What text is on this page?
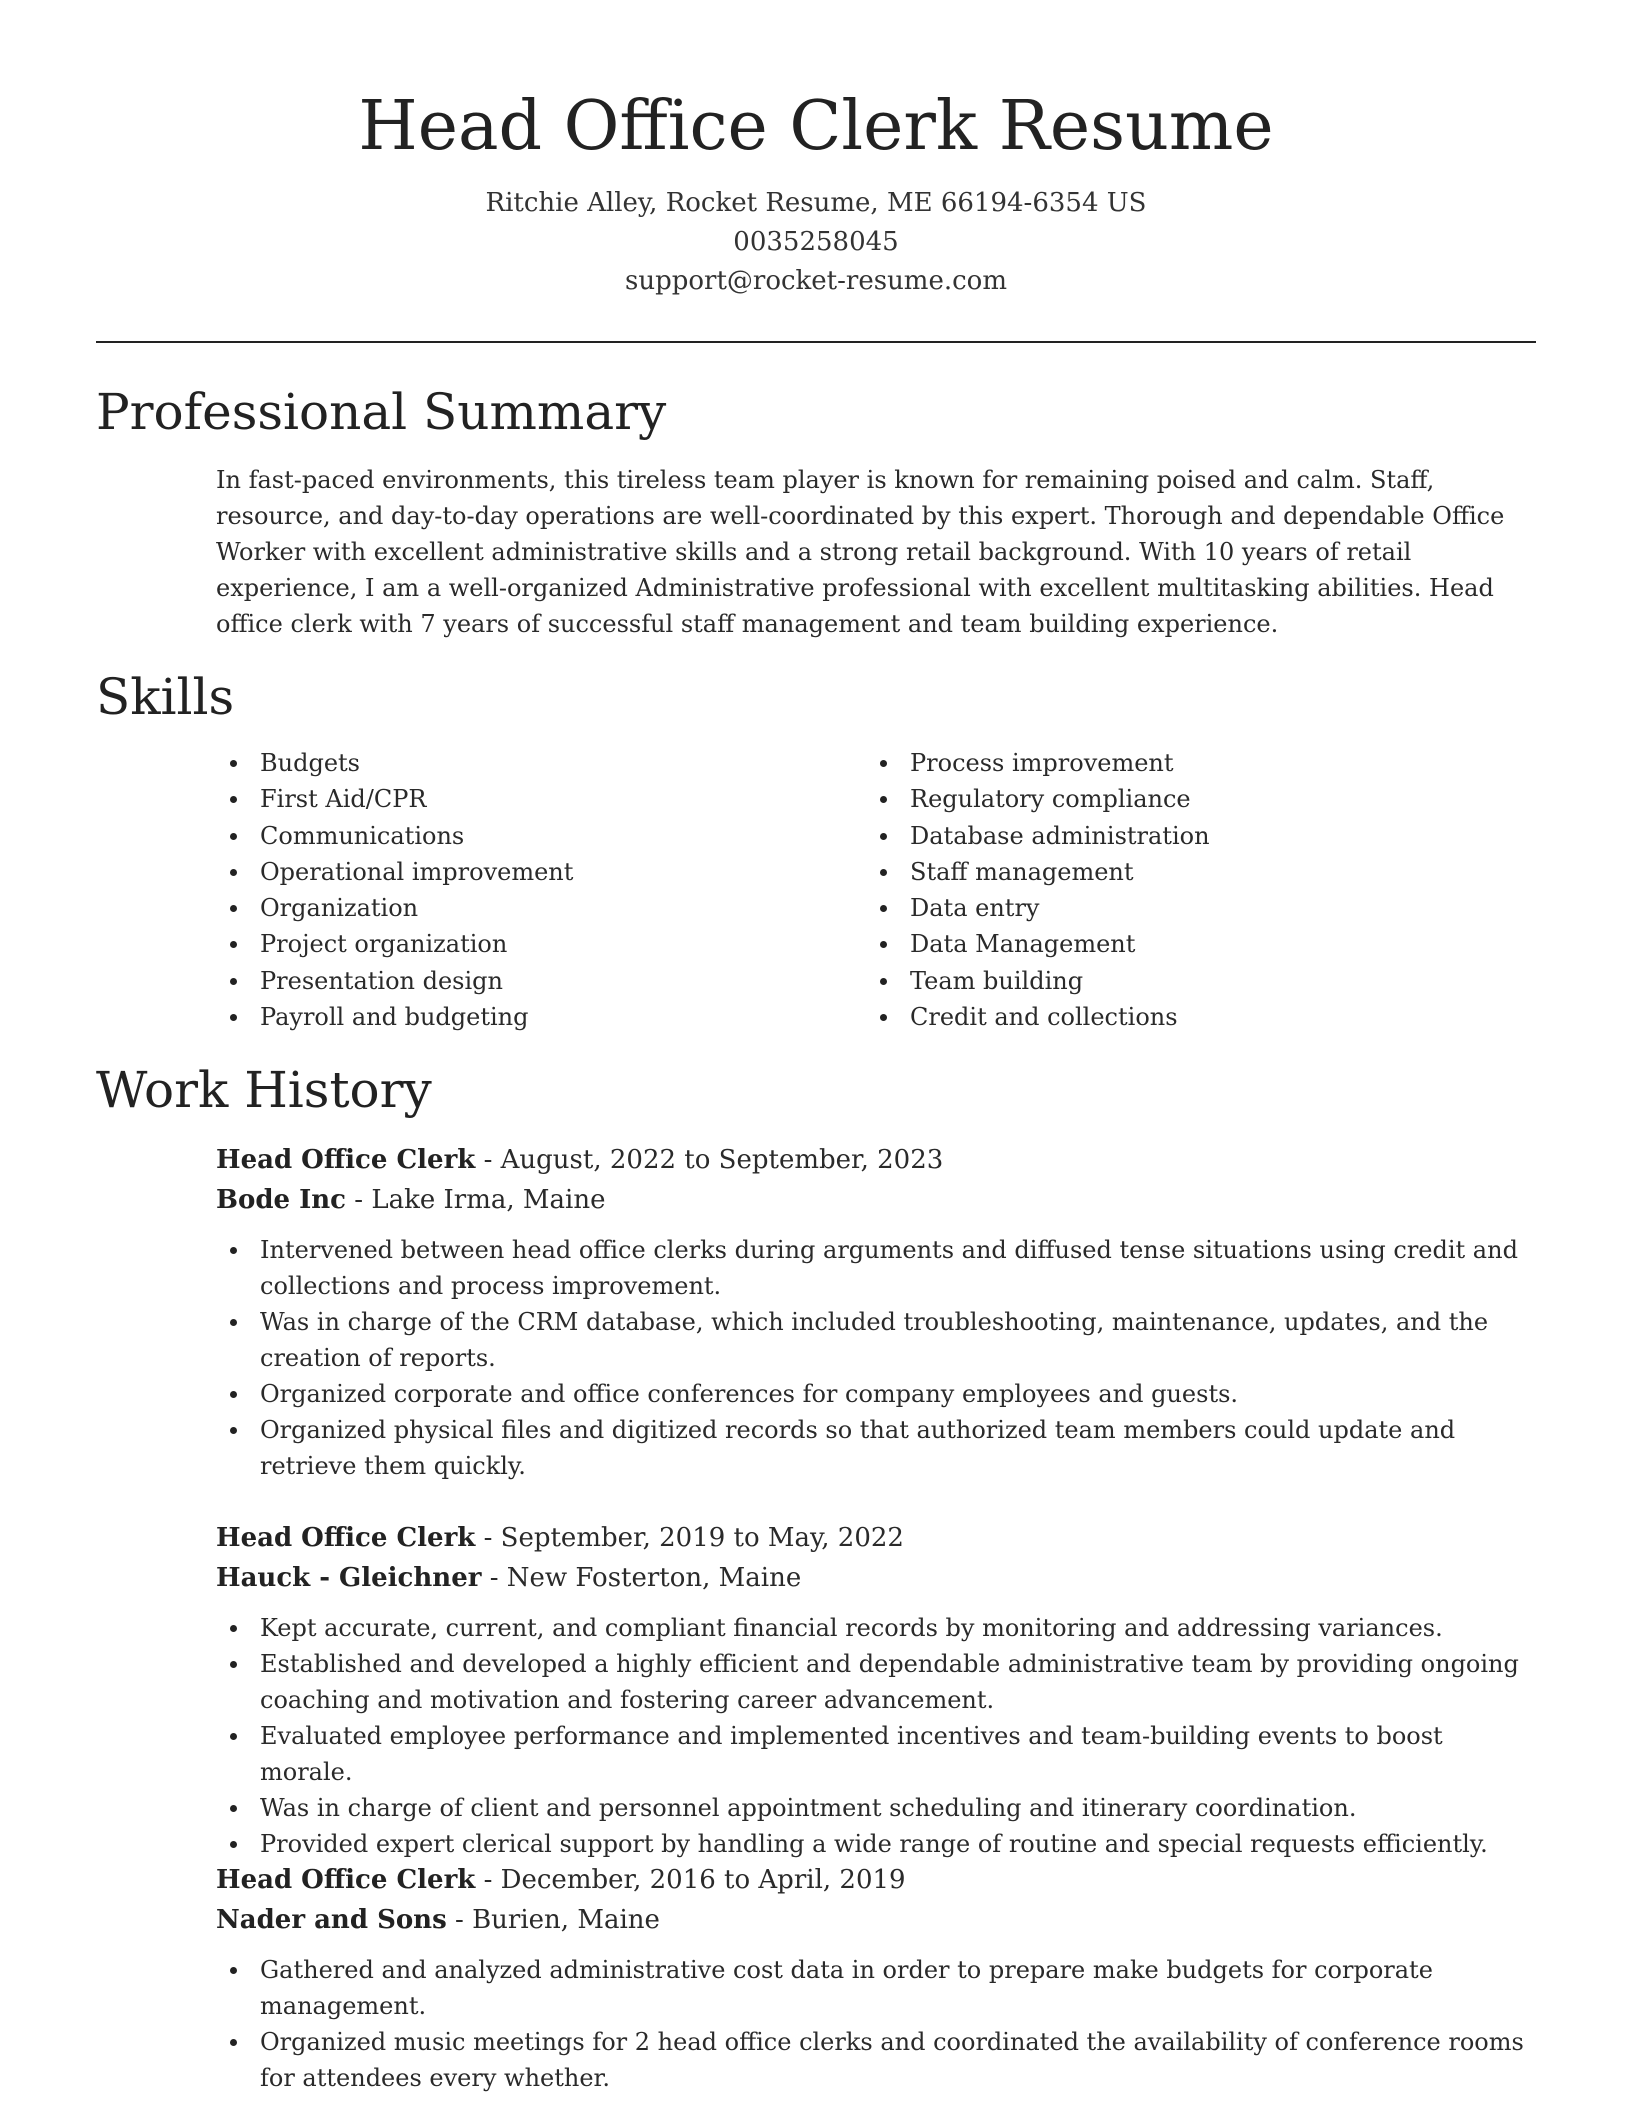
Head Office Clerk Resume

Ritchie Alley, Rocket Resume, ME 66194-6354 US

0035258045

support@rocket-resume.com

Professional Summary

In fast-paced environments, this tireless team player is known for remaining poised and calm. Staff, resource, and day-to-day operations are well-coordinated by this expert. Thorough and dependable Office Worker with excellent administrative skills and a strong retail background. With 10 years of retail experience, I am a well-organized Administrative professional with excellent multitasking abilities. Head office clerk with 7 years of successful staff management and team building experience.

Skills
Budgets
First Aid/CPR
Communications
Operational improvement
Organization
Project organization
Presentation design
Payroll and budgeting
Process improvement
Regulatory compliance
Database administration
Staff management
Data entry
Data Management
Team building
Credit and collections
Work History

Head Office Clerk - August, 2022 to September, 2023

Bode Inc - Lake Irma, Maine

Intervened between head office clerks during arguments and diffused tense situations using credit and collections and process improvement.
Was in charge of the CRM database, which included troubleshooting, maintenance, updates, and the creation of reports.
Organized corporate and office conferences for company employees and guests.
Organized physical files and digitized records so that authorized team members could update and retrieve them quickly.

Head Office Clerk - September, 2019 to May, 2022

Hauck - Gleichner - New Fosterton, Maine

Kept accurate, current, and compliant financial records by monitoring and addressing variances.
Established and developed a highly efficient and dependable administrative team by providing ongoing coaching and motivation and fostering career advancement.
Evaluated employee performance and implemented incentives and team-building events to boost morale.
Was in charge of client and personnel appointment scheduling and itinerary coordination.
Provided expert clerical support by handling a wide range of routine and special requests efficiently.

Head Office Clerk - December, 2016 to April, 2019

Nader and Sons - Burien, Maine

Gathered and analyzed administrative cost data in order to prepare make budgets for corporate management.
Organized music meetings for 2 head office clerks and coordinated the availability of conference rooms for attendees every whether.
